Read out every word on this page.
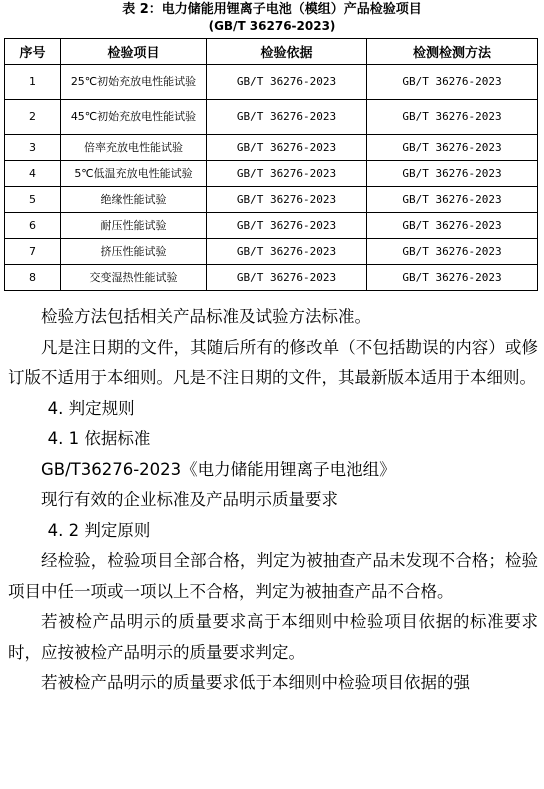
表 2：电力储能用锂离子电池（模组）产品检验项目
(GB/T 36276-2023)
序号	检验项目	检验依据	检测检测方法
1	25℃初始充放电性能试验	GB/T 36276-2023	GB/T 36276-2023
2	45℃初始充放电性能试验	GB/T 36276-2023	GB/T 36276-2023
3	倍率充放电性能试验	GB/T 36276-2023	GB/T 36276-2023
4	5℃低温充放电性能试验	GB/T 36276-2023	GB/T 36276-2023
5	绝缘性能试验	GB/T 36276-2023	GB/T 36276-2023
6	耐压性能试验	GB/T 36276-2023	GB/T 36276-2023
7	挤压性能试验	GB/T 36276-2023	GB/T 36276-2023
8	交变湿热性能试验	GB/T 36276-2023	GB/T 36276-2023

检验方法包括相关产品标准及试验方法标准。

凡是注日期的文件，其随后所有的修改单（不包括勘误的内容）或修订版不适用于本细则。凡是不注日期的文件，其最新版本适用于本细则。

4. 判定规则

4. 1 依据标准

GB/T36276-2023《电力储能用锂离子电池组》

现行有效的企业标准及产品明示质量要求

4. 2 判定原则

经检验，检验项目全部合格，判定为被抽查产品未发现不合格；检验项目中任一项或一项以上不合格，判定为被抽查产品不合格。

若被检产品明示的质量要求高于本细则中检验项目依据的标准要求时，应按被检产品明示的质量要求判定。

若被检产品明示的质量要求低于本细则中检验项目依据的强
